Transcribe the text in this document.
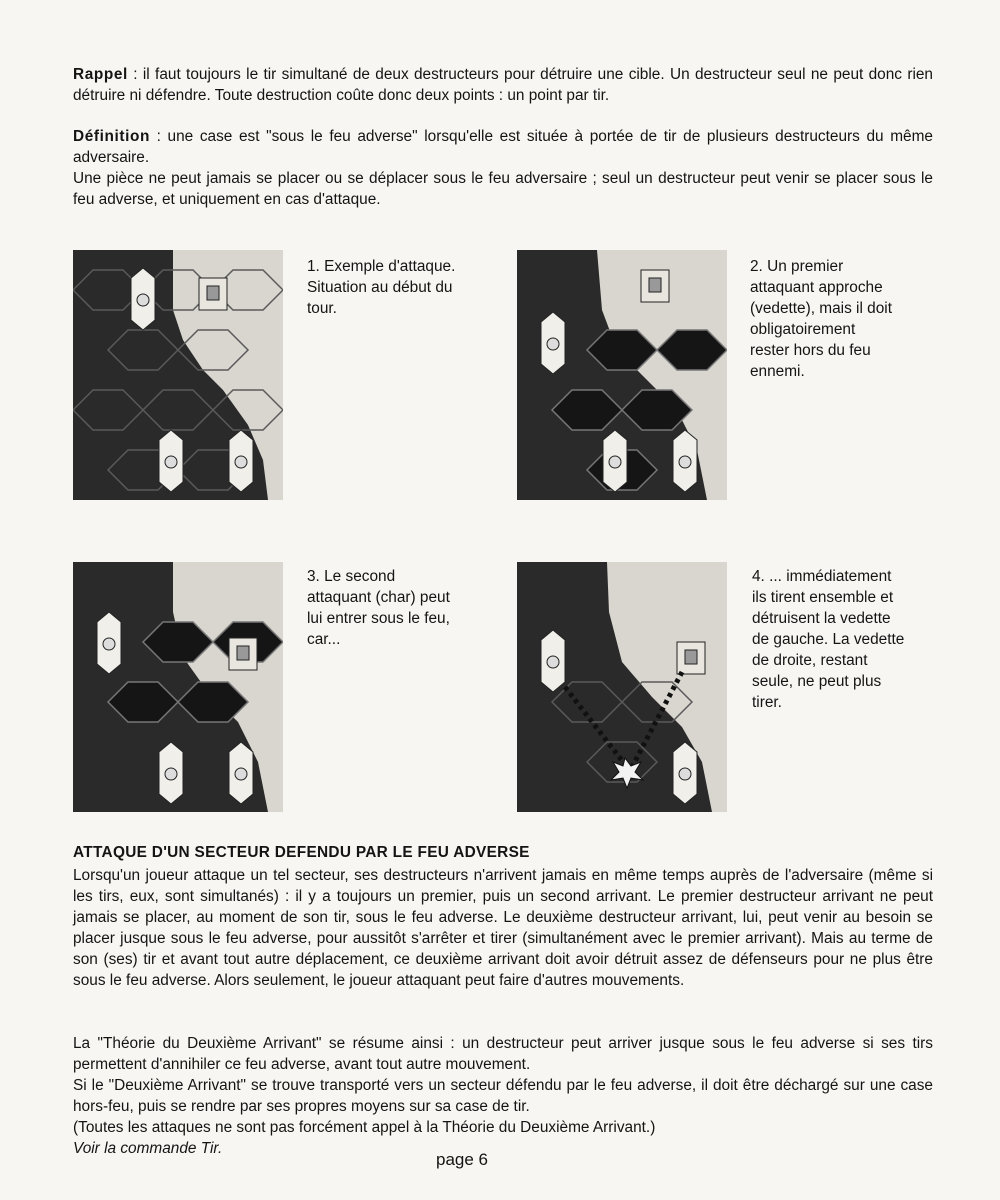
Rappel : il faut toujours le tir simultané de deux destructeurs pour détruire une cible. Un destructeur seul ne peut donc rien détruire ni défendre. Toute destruction coûte donc deux points : un point par tir.

Définition : une case est "sous le feu adverse" lorsqu'elle est située à portée de tir de plusieurs destructeurs du même adversaire.

Une pièce ne peut jamais se placer ou se déplacer sous le feu adversaire ; seul un destructeur peut venir se placer sous le feu adverse, et uniquement en cas d'attaque.

1. Exemple d'attaque.
Situation au début du
tour.

2. Un premier
attaquant approche
(vedette), mais il doit
obligatoirement
rester hors du feu
ennemi.

3. Le second
attaquant (char) peut
lui entrer sous le feu,
car...

4. ... immédiatement
ils tirent ensemble et
détruisent la vedette
de gauche. La vedette
de droite, restant
seule, ne peut plus
tirer.

ATTAQUE D'UN SECTEUR DEFENDU PAR LE FEU ADVERSE

Lorsqu'un joueur attaque un tel secteur, ses destructeurs n'arrivent jamais en même temps auprès de l'adversaire (même si les tirs, eux, sont simultanés) : il y a toujours un premier, puis un second arrivant. Le premier destructeur arrivant ne peut jamais se placer, au moment de son tir, sous le feu adverse. Le deuxième destructeur arrivant, lui, peut venir au besoin se placer jusque sous le feu adverse, pour aussitôt s'arrêter et tirer (simultanément avec le premier arrivant). Mais au terme de son (ses) tir et avant tout autre déplacement, ce deuxième arrivant doit avoir détruit assez de défenseurs pour ne plus être sous le feu adverse. Alors seulement, le joueur attaquant peut faire d'autres mouvements.

La "Théorie du Deuxième Arrivant" se résume ainsi : un destructeur peut arriver jusque sous le feu adverse si ses tirs permettent d'annihiler ce feu adverse, avant tout autre mouvement.

Si le "Deuxième Arrivant" se trouve transporté vers un secteur défendu par le feu adverse, il doit être déchargé sur une case hors-feu, puis se rendre par ses propres moyens sur sa case de tir.

(Toutes les attaques ne sont pas forcément appel à la Théorie du Deuxième Arrivant.)

Voir la commande Tir.

page 6
